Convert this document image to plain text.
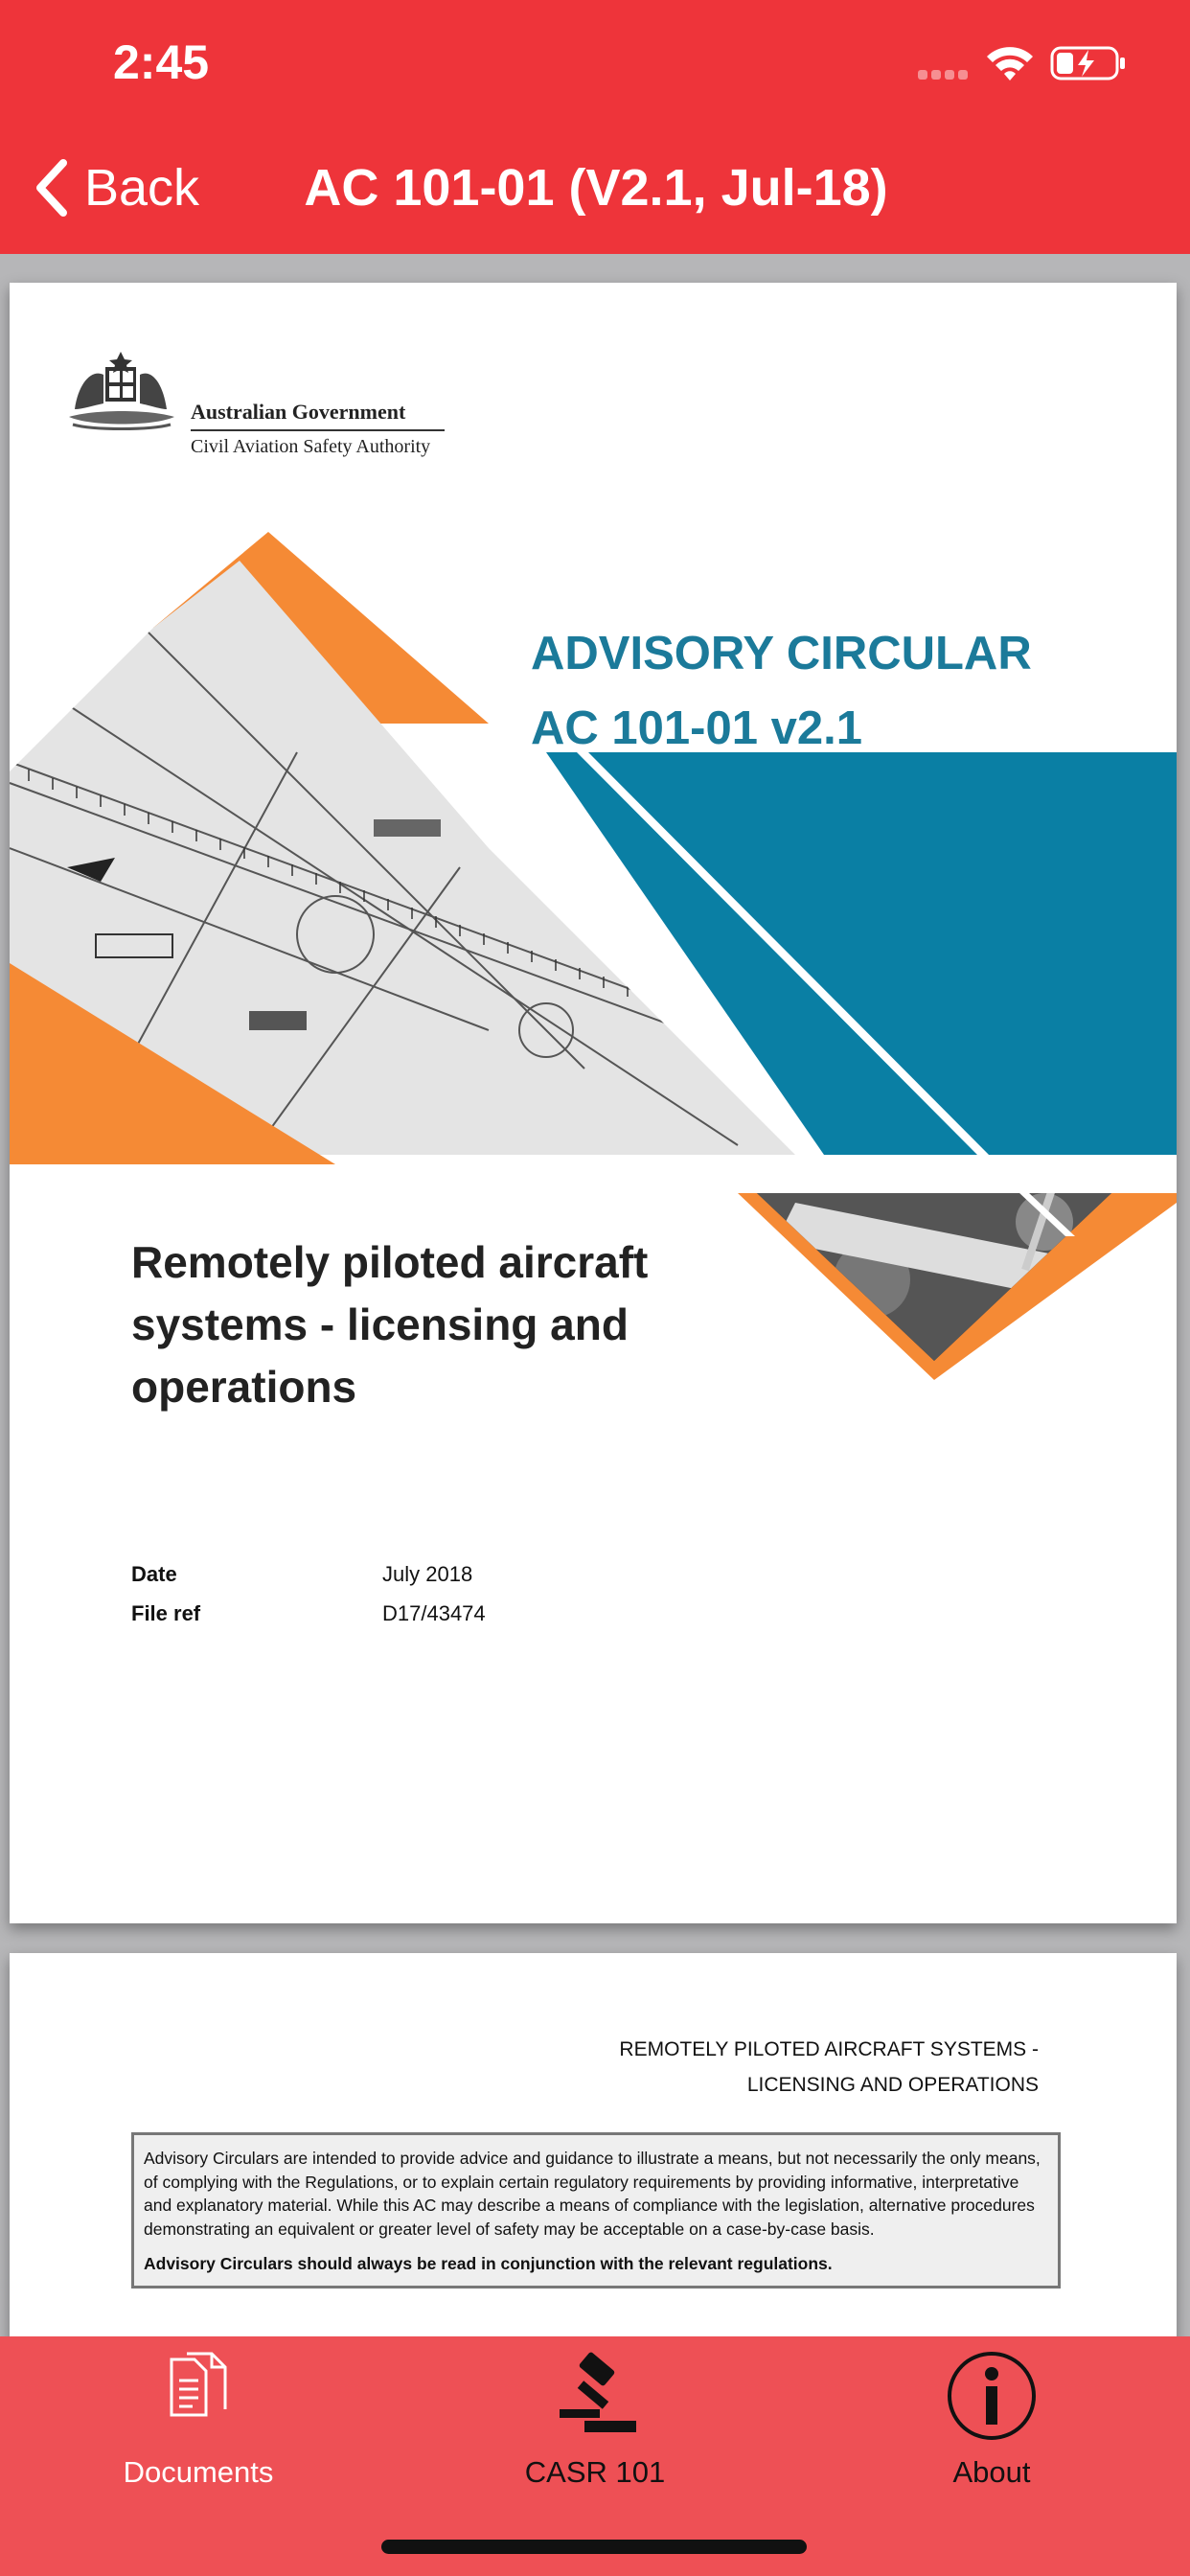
2:45
Back	AC 101-01 (V2.1, Jul-18)
Australian Government
Civil Aviation Safety Authority
ADVISORY CIRCULAR
AC 101-01 v2.1
Remotely piloted aircraft systems - licensing and operations
Date	July 2018
File ref	D17/43474
REMOTELY PILOTED AIRCRAFT SYSTEMS -
LICENSING AND OPERATIONS

Advisory Circulars are intended to provide advice and guidance to illustrate a means, but not necessarily the only means, of complying with the Regulations, or to explain certain regulatory requirements by providing informative, interpretative and explanatory material. While this AC may describe a means of compliance with the legislation, alternative procedures demonstrating an equivalent or greater level of safety may be acceptable on a case-by-case basis.

Advisory Circulars should always be read in conjunction with the relevant regulations.

Documents	CASR 101	About
